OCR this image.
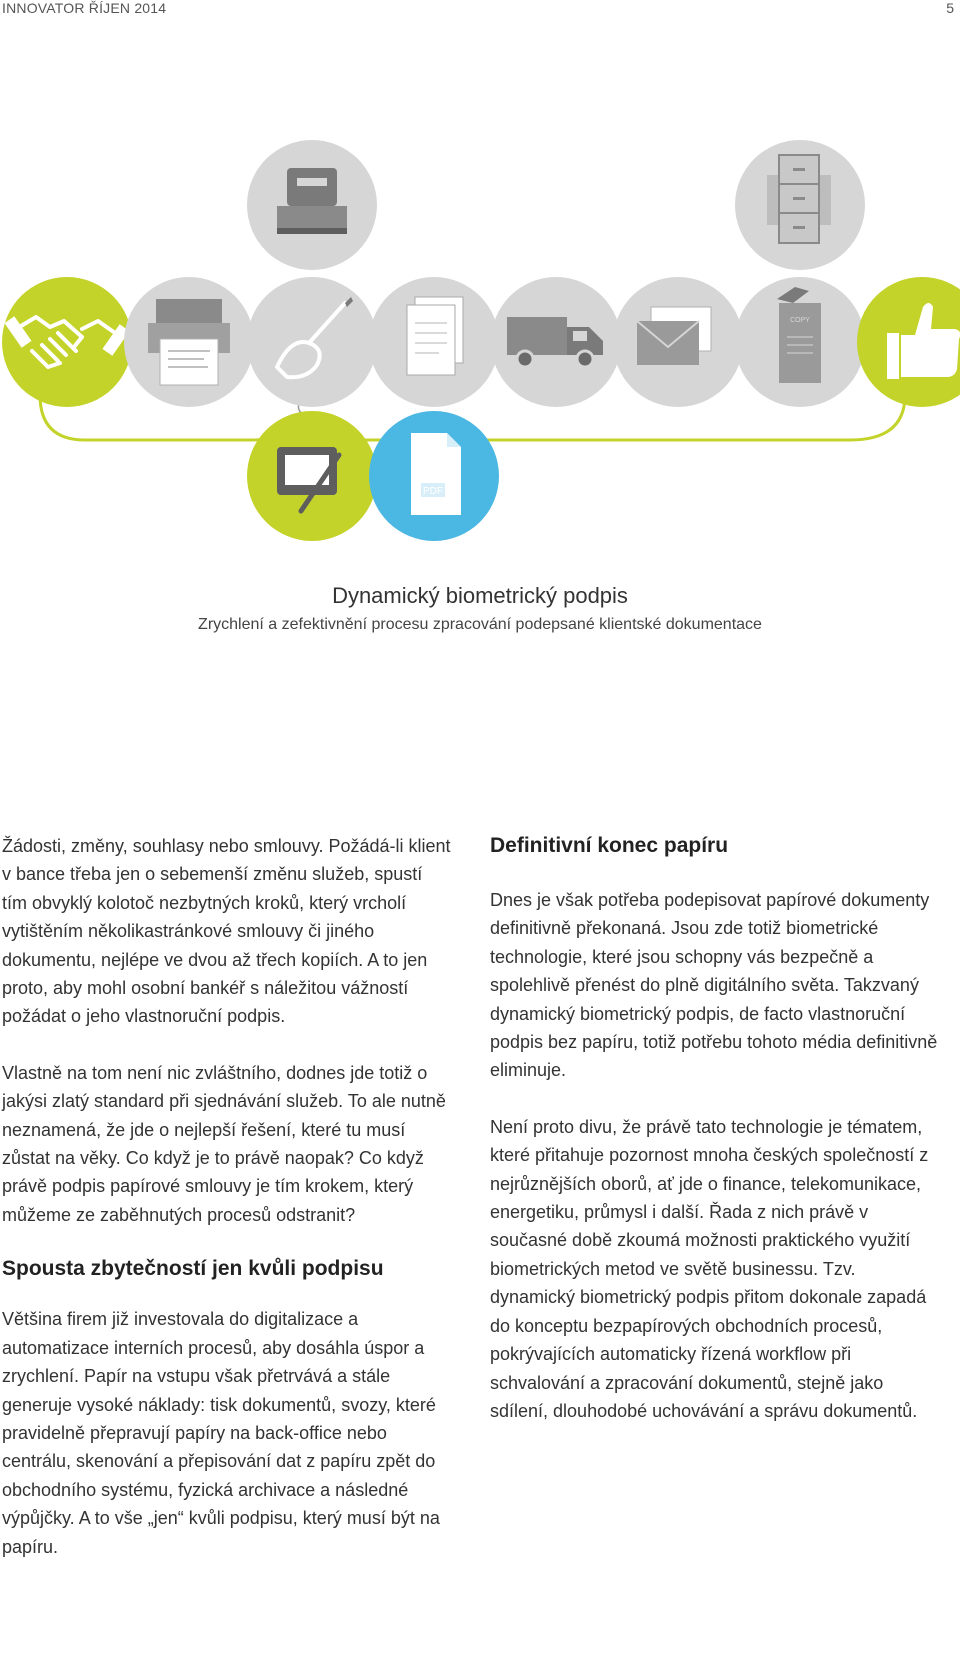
INNOVATOR ŘÍJEN 2014	5
COPY
PDF
Dynamický biometrický podpis
Zrychlení a zefektivnění procesu zpracování podepsané klientské dokumentace

Žádosti, změny, souhlasy nebo smlouvy. Požádá-li klient v bance třeba jen o sebemenší změnu služeb, spustí tím obvyklý kolotoč nezbytných kroků, který vrcholí vytištěním několikastránkové smlouvy či jiného dokumentu, nejlépe ve dvou až třech kopiích. A to jen proto, aby mohl osobní bankéř s náležitou vážností požádat o jeho vlastnoruční podpis.

Vlastně na tom není nic zvláštního, dodnes jde totiž o jakýsi zlatý standard při sjednávání služeb. To ale nutně neznamená, že jde o nejlepší řešení, které tu musí zůstat na věky. Co když je to právě naopak? Co když právě podpis papírové smlouvy je tím krokem, který můžeme ze zaběhnutých procesů odstranit?

Spousta zbytečností jen kvůli podpisu

Většina firem již investovala do digitalizace a automatizace interních procesů, aby dosáhla úspor a zrychlení. Papír na vstupu však přetrvává a stále generuje vysoké náklady: tisk dokumentů, svozy, které pravidelně přepravují papíry na back-office nebo centrálu, skenování a přepisování dat z papíru zpět do obchodního systému, fyzická archivace a následné výpůjčky. A to vše „jen“ kvůli podpisu, který musí být na papíru.

Definitivní konec papíru

Dnes je však potřeba podepisovat papírové dokumenty definitivně překonaná. Jsou zde totiž biometrické technologie, které jsou schopny vás bezpečně a spolehlivě přenést do plně digitálního světa. Takzvaný dynamický biometrický podpis, de facto vlastnoruční podpis bez papíru, totiž potřebu tohoto média definitivně eliminuje.

Není proto divu, že právě tato technologie je tématem, které přitahuje pozornost mnoha českých společností z nejrůznějších oborů, ať jde o finance, telekomunikace, energetiku, průmysl i další. Řada z nich právě v současné době zkoumá možnosti praktického využití biometrických metod ve světě businessu. Tzv. dynamický biometrický podpis přitom dokonale zapadá do konceptu bezpapírových obchodních procesů, pokrývajících automaticky řízená workflow při schvalování a zpracování dokumentů, stejně jako sdílení, dlouhodobé uchovávání a správu dokumentů.
